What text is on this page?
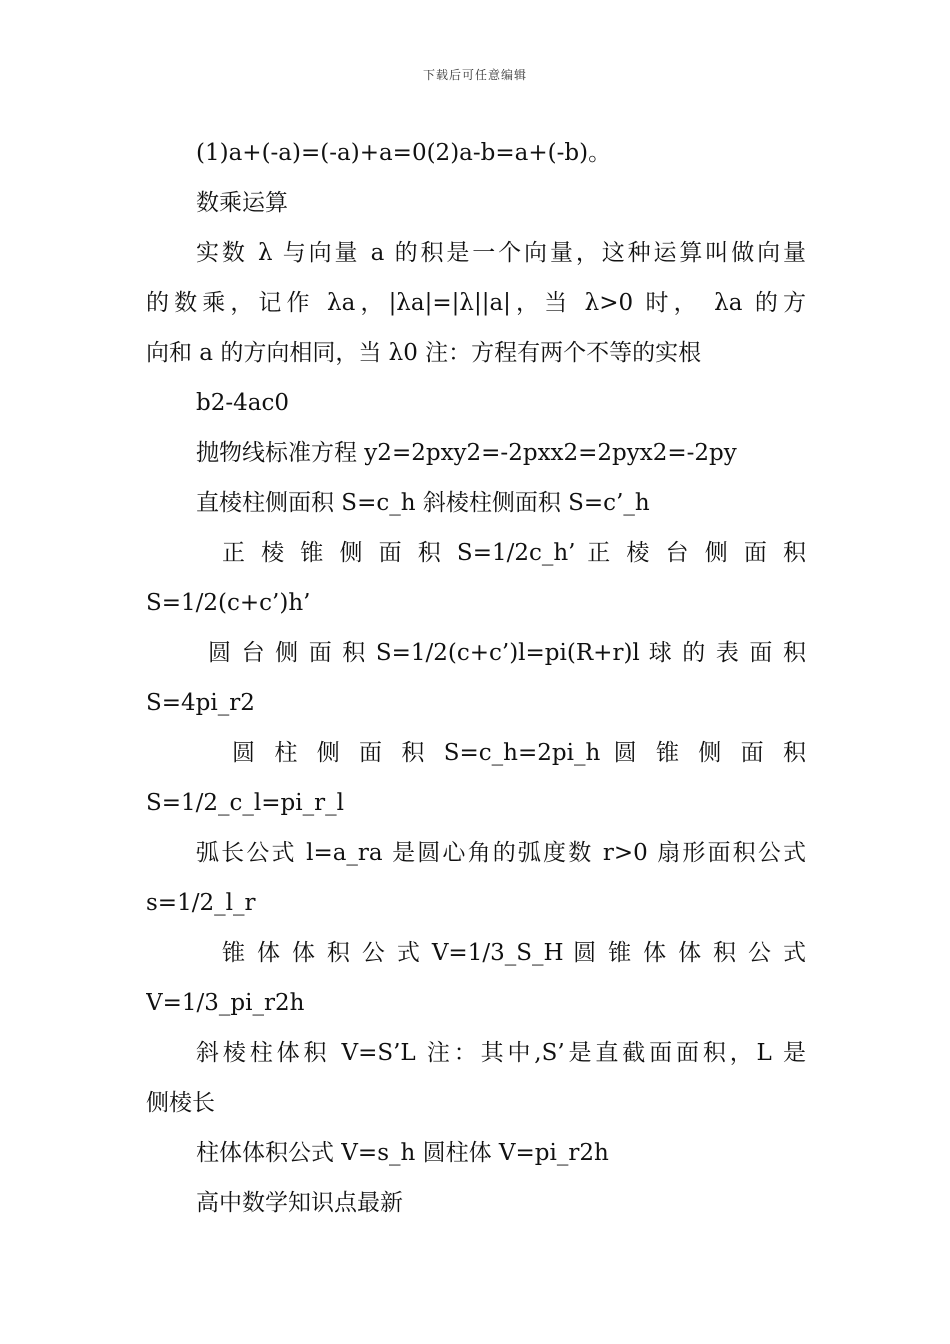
下载后可任意编辑
(1)a+(-a)=(-a)+a=0(2)a-b=a+(-b)。
数乘运算
实数 λ 与向量 a 的积是一个向量，这种运算叫做向量
的数乘，记作 λa，|λa|=|λ||a|，当 λ>0 时， λa 的方
向和 a 的方向相同，当 λ0 注：方程有两个不等的实根
b2-4ac0
抛物线标准方程 y2=2pxy2=-2pxx2=2pyx2=-2py
直棱柱侧面积 S=c_h 斜棱柱侧面积 S=c’_h
正 棱 锥 侧 面 积 S=1/2c_h’ 正 棱 台 侧 面 积
S=1/2(c+c’)h’
圆 台 侧 面 积 S=1/2(c+c’)l=pi(R+r)l 球 的 表 面 积
S=4pi_r2
圆 柱 侧 面 积 S=c_h=2pi_h 圆 锥 侧 面 积
S=1/2_c_l=pi_r_l
弧长公式 l=a_ra 是圆心角的弧度数 r>0 扇形面积公式
s=1/2_l_r
锥 体 体 积 公 式 V=1/3_S_H 圆 锥 体 体 积 公 式
V=1/3_pi_r2h
斜棱柱体积 V=S’L 注：其中,S’是直截面面积，L 是
侧棱长
柱体体积公式 V=s_h 圆柱体 V=pi_r2h
高中数学知识点最新
